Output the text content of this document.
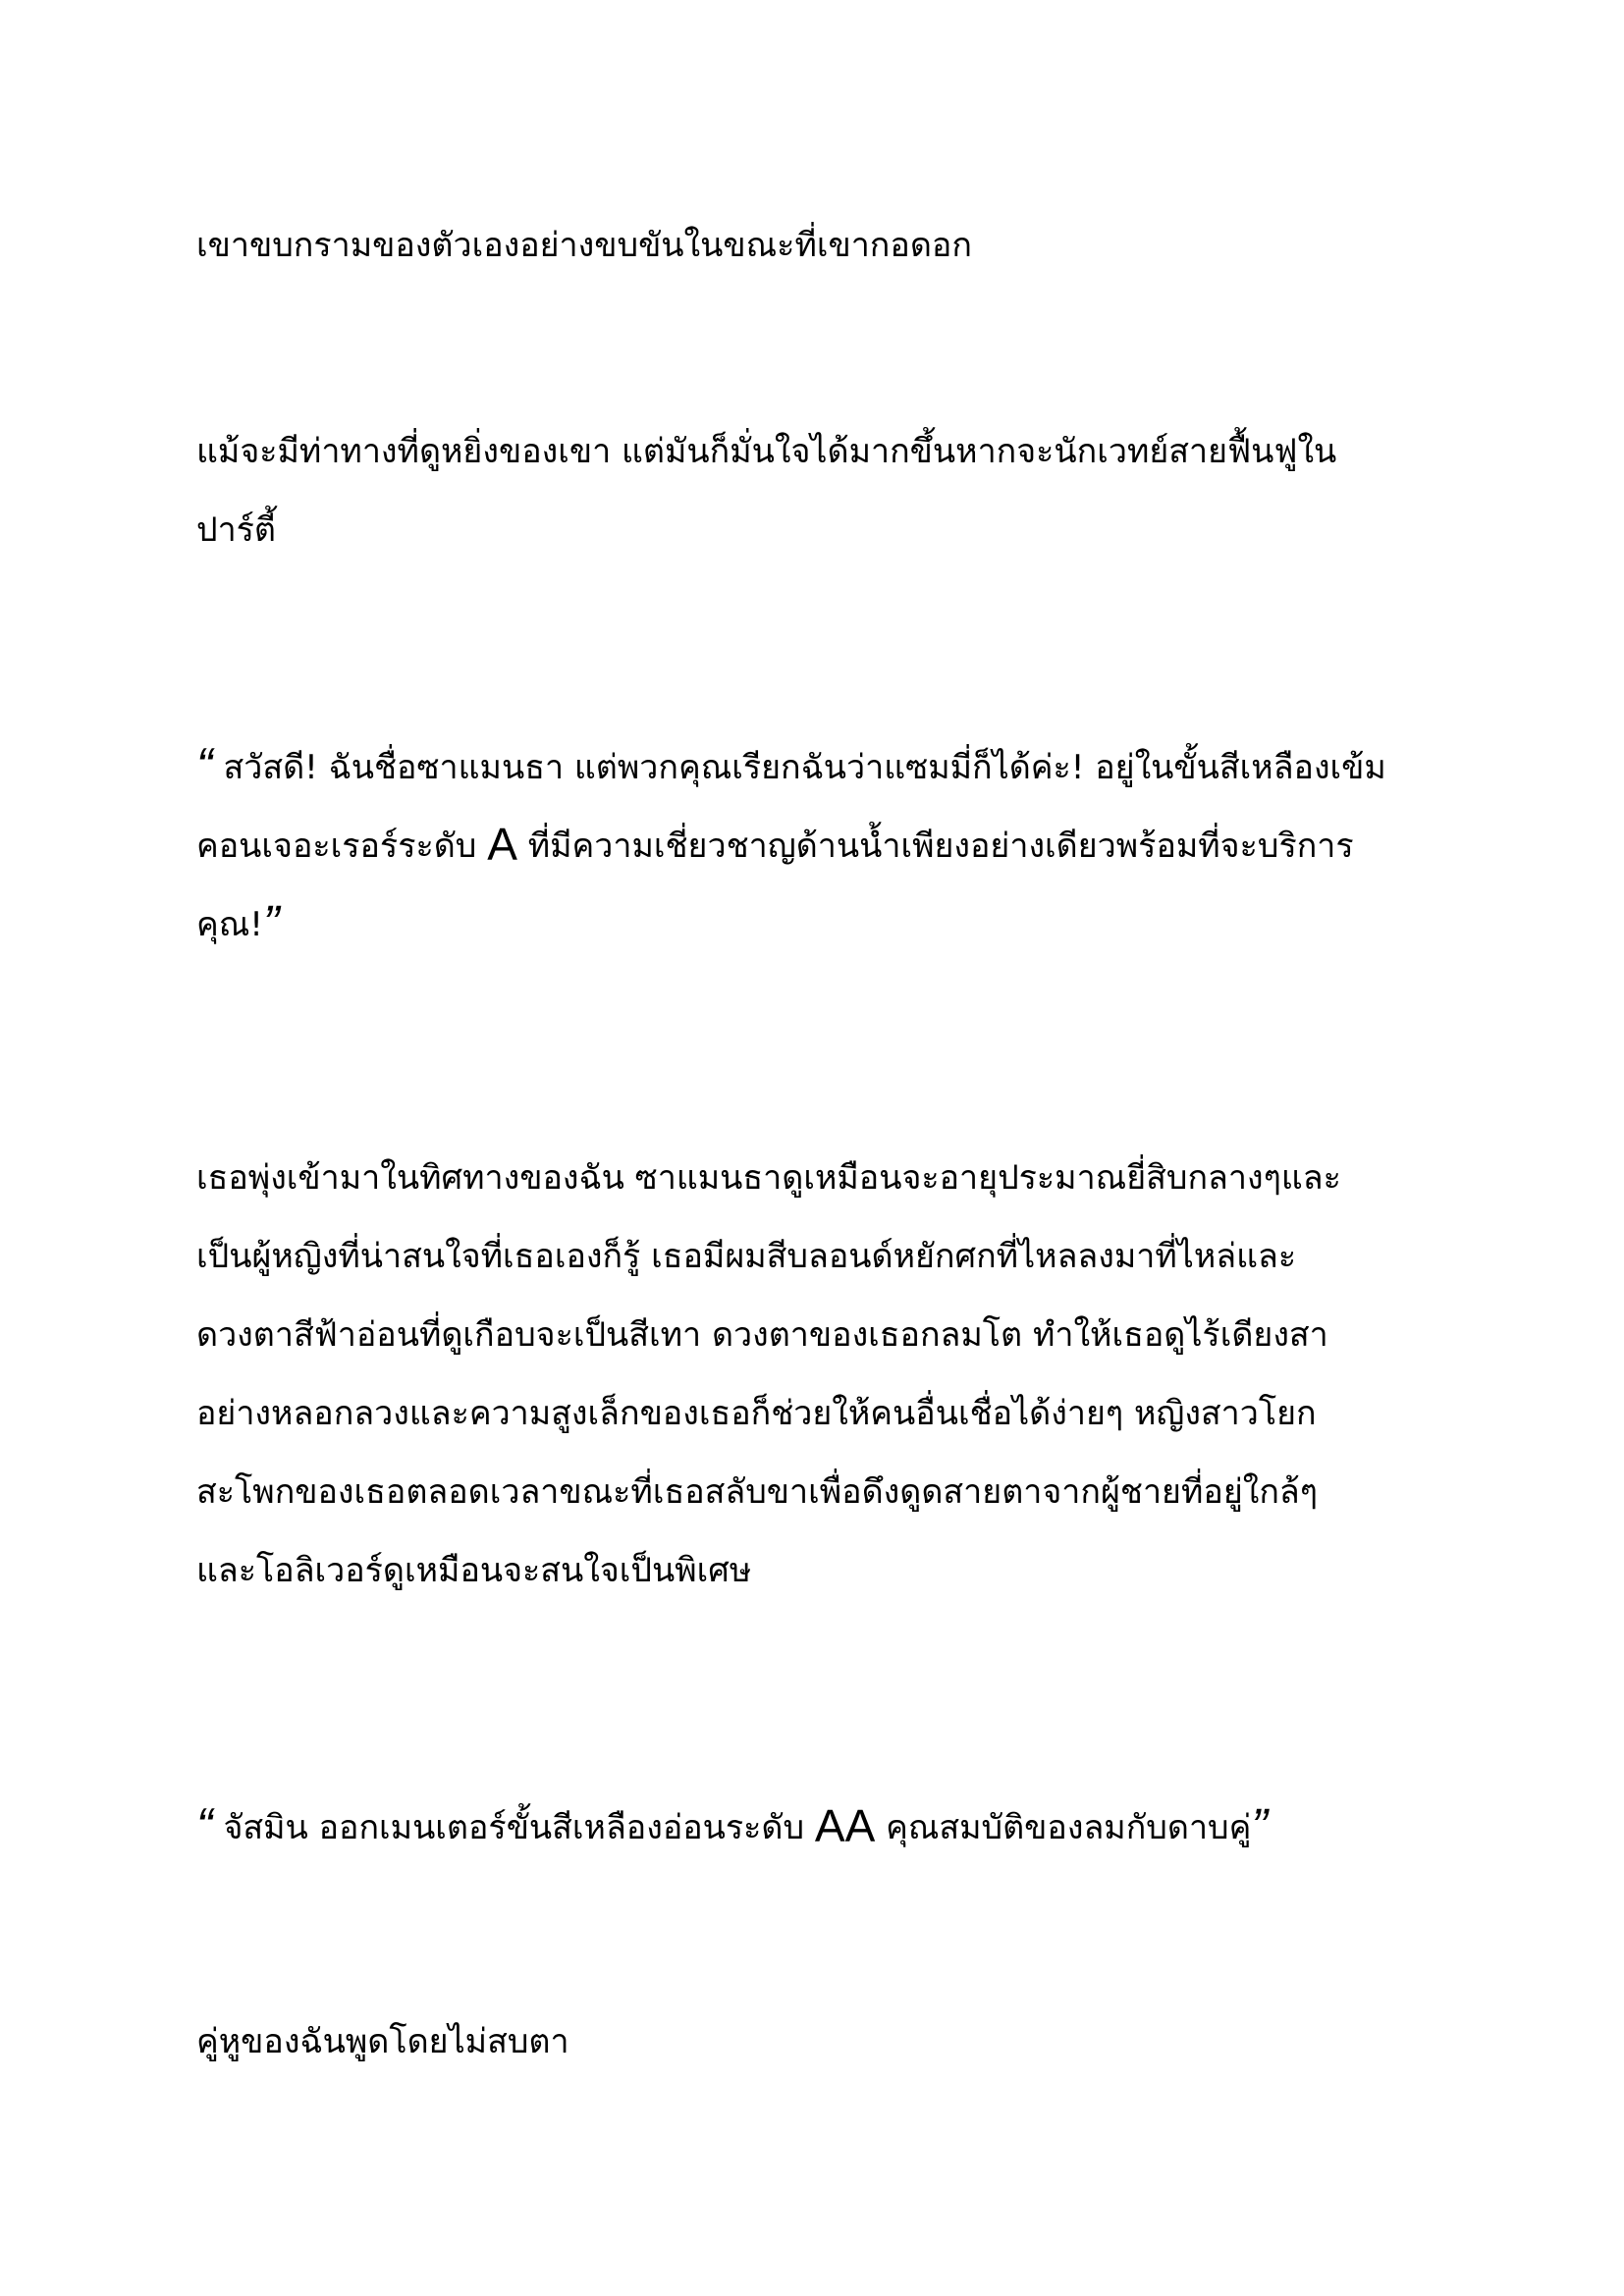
เขาขบกรามของตัวเองอย่างขบขันในขณะที่เขากอดอก
แม้จะมีท่าทางที่ดูหยิ่งของเขา แต่มันก็มั่นใจได้มากขึ้นหากจะนักเวทย์สายฟื้นฟูใน
ปาร์ตี้
“ สวัสดี! ฉันชื่อซาแมนธา แต่พวกคุณเรียกฉันว่าแซมมี่ก็ได้ค่ะ! อยู่ในขั้นสีเหลืองเข้ม
คอนเจอะเรอร์ระดับ A ที่มีความเชี่ยวชาญด้านน้ำเพียงอย่างเดียวพร้อมที่จะบริการ
คุณ!”
เธอพุ่งเข้ามาในทิศทางของฉัน ซาแมนธาดูเหมือนจะอายุประมาณยี่สิบกลางๆและ
เป็นผู้หญิงที่น่าสนใจที่เธอเองก็รู้ เธอมีผมสีบลอนด์หยักศกที่ไหลลงมาที่ไหล่และ
ดวงตาสีฟ้าอ่อนที่ดูเกือบจะเป็นสีเทา ดวงตาของเธอกลมโต ทำให้เธอดูไร้เดียงสา
อย่างหลอกลวงและความสูงเล็กของเธอก็ช่วยให้คนอื่นเชื่อได้ง่ายๆ หญิงสาวโยก
สะโพกของเธอตลอดเวลาขณะที่เธอสลับขาเพื่อดึงดูดสายตาจากผู้ชายที่อยู่ใกล้ๆ
และโอลิเวอร์ดูเหมือนจะสนใจเป็นพิเศษ
“ จัสมิน ออกเมนเตอร์ขั้นสีเหลืองอ่อนระดับ AA คุณสมบัติของลมกับดาบคู่”
คู่หูของฉันพูดโดยไม่สบตา
